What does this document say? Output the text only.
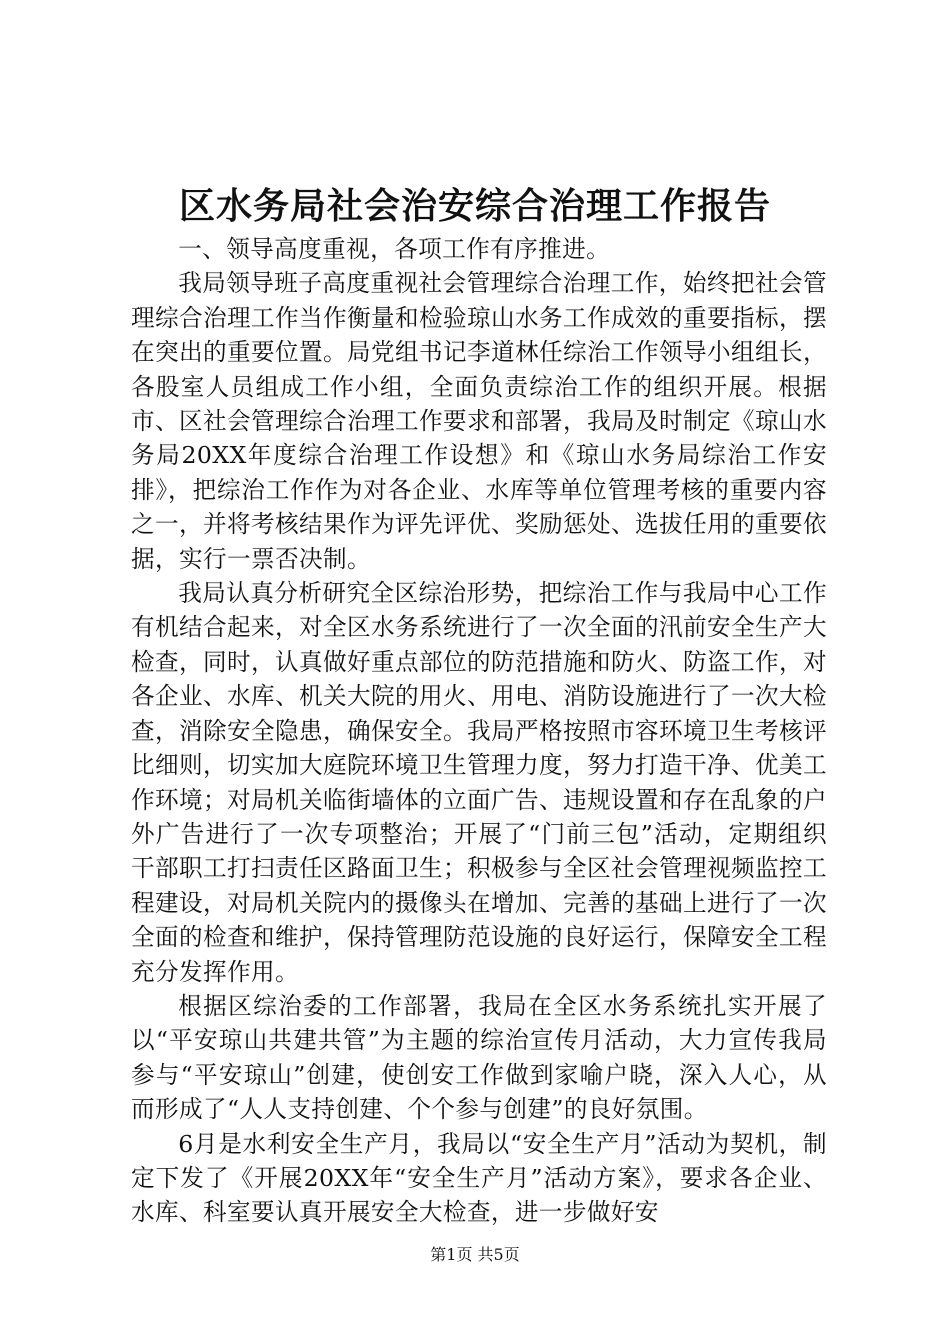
区水务局社会治安综合治理工作报告

一、领导高度重视，各项工作有序推进。

我局领导班子高度重视社会管理综合治理工作，始终把社会管理综合治理工作当作衡量和检验琼山水务工作成效的重要指标，摆在突出的重要位置。局党组书记李道林任综治工作领导小组组长，各股室人员组成工作小组，全面负责综治工作的组织开展。根据市、区社会管理综合治理工作要求和部署，我局及时制定《琼山水务局20XX年度综合治理工作设想》和《琼山水务局综治工作安排》，把综治工作作为对各企业、水库等单位管理考核的重要内容之一，并将考核结果作为评先评优、奖励惩处、选拔任用的重要依据，实行一票否决制。

我局认真分析研究全区综治形势，把综治工作与我局中心工作有机结合起来，对全区水务系统进行了一次全面的汛前安全生产大检查，同时，认真做好重点部位的防范措施和防火、防盗工作，对各企业、水库、机关大院的用火、用电、消防设施进行了一次大检查，消除安全隐患，确保安全。我局严格按照市容环境卫生考核评比细则，切实加大庭院环境卫生管理力度，努力打造干净、优美工作环境；对局机关临街墙体的立面广告、违规设置和存在乱象的户外广告进行了一次专项整治；开展了“门前三包”活动，定期组织干部职工打扫责任区路面卫生；积极参与全区社会管理视频监控工程建设，对局机关院内的摄像头在增加、完善的基础上进行了一次全面的检查和维护，保持管理防范设施的良好运行，保障安全工程充分发挥作用。

根据区综治委的工作部署，我局在全区水务系统扎实开展了以“平安琼山共建共管”为主题的综治宣传月活动，大力宣传我局参与“平安琼山”创建，使创安工作做到家喻户晓，深入人心，从而形成了“人人支持创建、个个参与创建”的良好氛围。

6月是水利安全生产月，我局以“安全生产月”活动为契机，制定下发了《开展20XX年“安全生产月”活动方案》，要求各企业、水库、科室要认真开展安全大检查，进一步做好安

第1页 共5页
